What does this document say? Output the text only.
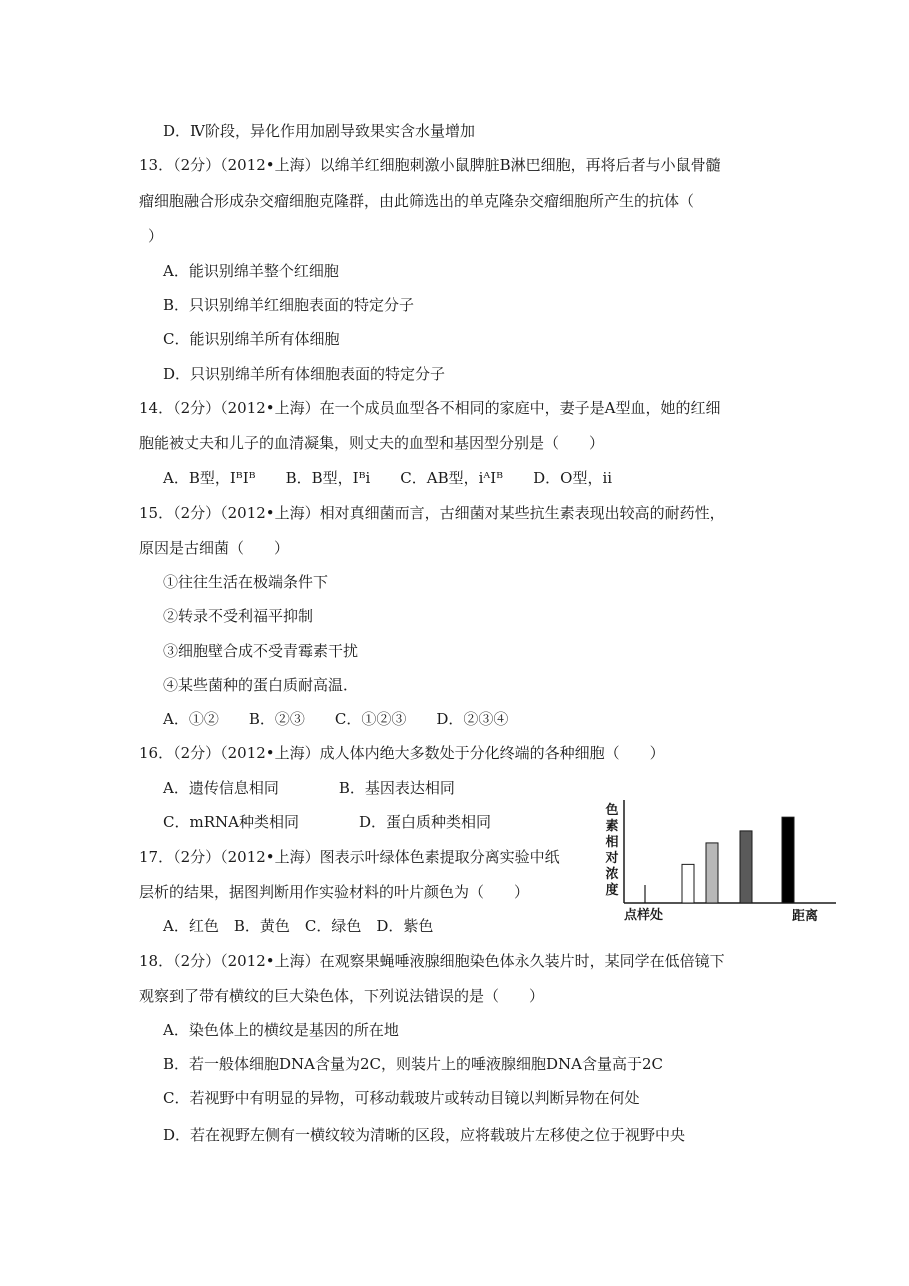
D．Ⅳ阶段，异化作用加剧导致果实含水量增加
13．（2分）（2012•上海）以绵羊红细胞刺激小鼠脾脏B淋巴细胞，再将后者与小鼠骨髓
瘤细胞融合形成杂交瘤细胞克隆群，由此筛选出的单克隆杂交瘤细胞所产生的抗体（
）
A．能识别绵羊整个红细胞
B．只识别绵羊红细胞表面的特定分子
C．能识别绵羊所有体细胞
D．只识别绵羊所有体细胞表面的特定分子
14．（2分）（2012•上海）在一个成员血型各不相同的家庭中，妻子是A型血，她的红细
胞能被丈夫和儿子的血清凝集，则丈夫的血型和基因型分别是（　　）
A．B型，IᴮIᴮ　　B．B型，Iᴮi　　C．AB型，iᴬIᴮ　　D．O型，ii
15．（2分）（2012•上海）相对真细菌而言，古细菌对某些抗生素表现出较高的耐药性，
原因是古细菌（　　）
①往往生活在极端条件下
②转录不受利福平抑制
③细胞壁合成不受青霉素干扰
④某些菌种的蛋白质耐高温．
A．①②　　B．②③　　C．①②③　　D．②③④
16．（2分）（2012•上海）成人体内绝大多数处于分化终端的各种细胞（　　）
A．遗传信息相同　　　　B．基因表达相同
C．mRNA种类相同　　　　D．蛋白质种类相同
17．（2分）（2012•上海）图表示叶绿体色素提取分离实验中纸
层析的结果，据图判断用作实验材料的叶片颜色为（　　）
A．红色　B．黄色　C．绿色　D．紫色
18．（2分）（2012•上海）在观察果蝇唾液腺细胞染色体永久装片时，某同学在低倍镜下
观察到了带有横纹的巨大染色体，下列说法错误的是（　　）
A．染色体上的横纹是基因的所在地
B．若一般体细胞DNA含量为2C，则装片上的唾液腺细胞DNA含量高于2C
C．若视野中有明显的异物，可移动载玻片或转动目镜以判断异物在何处
D．若在视野左侧有一横纹较为清晰的区段，应将载玻片左移使之位于视野中央
色
素
相
对
浓
度
点样处	距离
